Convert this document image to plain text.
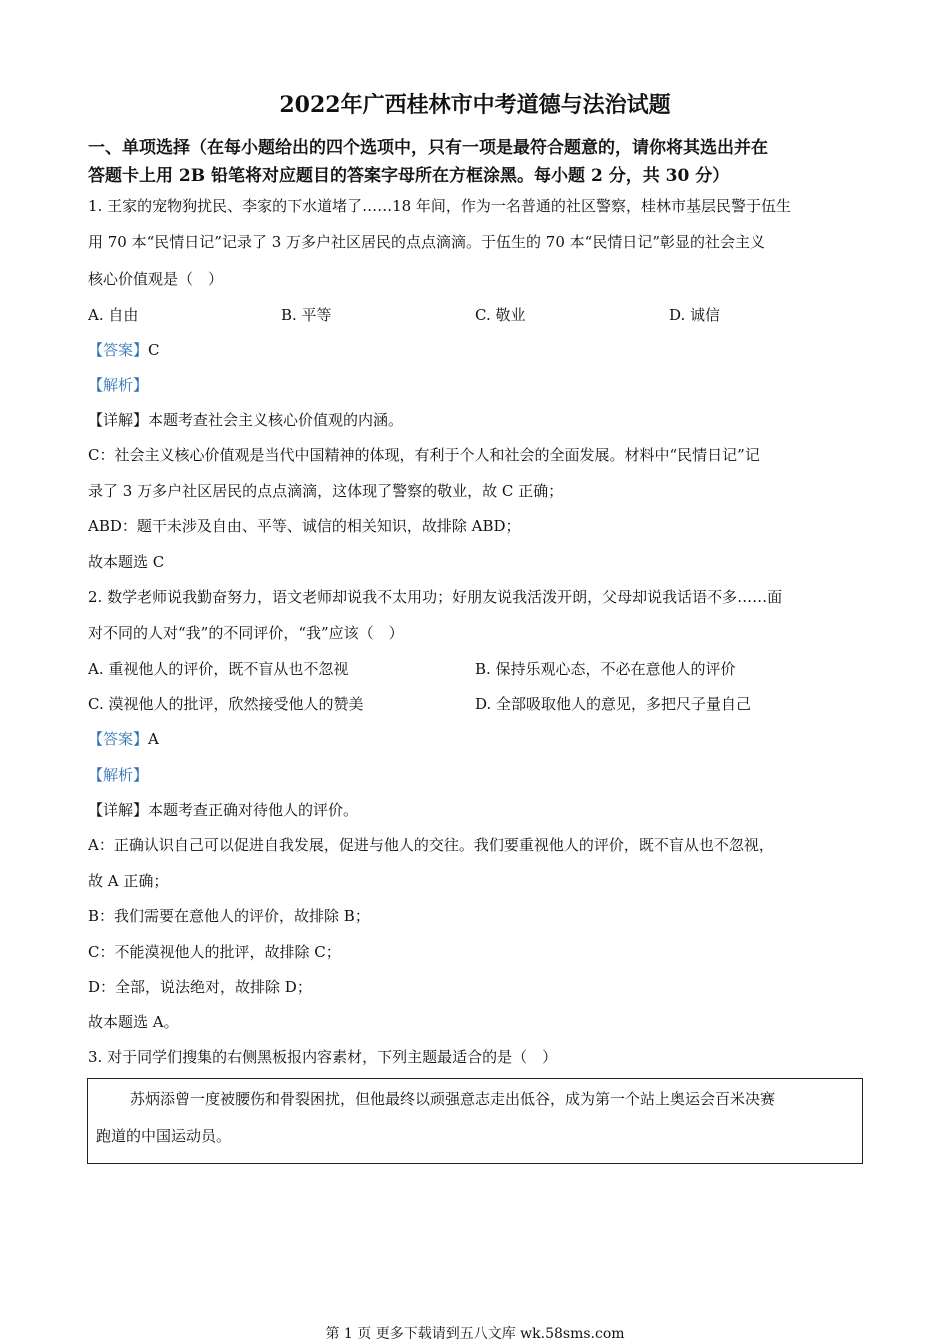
2022年广西桂林市中考道德与法治试题
一、单项选择（在每小题给出的四个选项中，只有一项是最符合题意的，请你将其选出并在
答题卡上用 2B 铅笔将对应题目的答案字母所在方框涂黑。每小题 2 分，共 30 分）
1. 王家的宠物狗扰民、李家的下水道堵了……18 年间，作为一名普通的社区警察，桂林市基层民警于伍生
用 70 本“民情日记”记录了 3 万多户社区居民的点点滴滴。于伍生的 70 本“民情日记”彰显的社会主义
核心价值观是（　）
A. 自由	B. 平等	C. 敬业	D. 诚信
【答案】C
【解析】
【详解】本题考查社会主义核心价值观的内涵。
C：社会主义核心价值观是当代中国精神的体现，有利于个人和社会的全面发展。材料中“民情日记”记
录了 3 万多户社区居民的点点滴滴，这体现了警察的敬业，故 C 正确；
ABD：题干未涉及自由、平等、诚信的相关知识，故排除 ABD；
故本题选 C
2. 数学老师说我勤奋努力，语文老师却说我不太用功；好朋友说我活泼开朗，父母却说我话语不多……面
对不同的人对“我”的不同评价，“我”应该（　）
A. 重视他人的评价，既不盲从也不忽视	B. 保持乐观心态，不必在意他人的评价
C. 漠视他人的批评，欣然接受他人的赞美	D. 全部吸取他人的意见，多把尺子量自己
【答案】A
【解析】
【详解】本题考查正确对待他人的评价。
A：正确认识自己可以促进自我发展，促进与他人的交往。我们要重视他人的评价，既不盲从也不忽视，
故 A 正确；
B：我们需要在意他人的评价，故排除 B；
C：不能漠视他人的批评，故排除 C；
D：全部，说法绝对，故排除 D；
故本题选 A。
3. 对于同学们搜集的右侧黑板报内容素材，下列主题最适合的是（　）
苏炳添曾一度被腰伤和骨裂困扰，但他最终以顽强意志走出低谷，成为第一个站上奥运会百米决赛
跑道的中国运动员。
第 1 页 更多下载请到五八文库 wk.58sms.com
